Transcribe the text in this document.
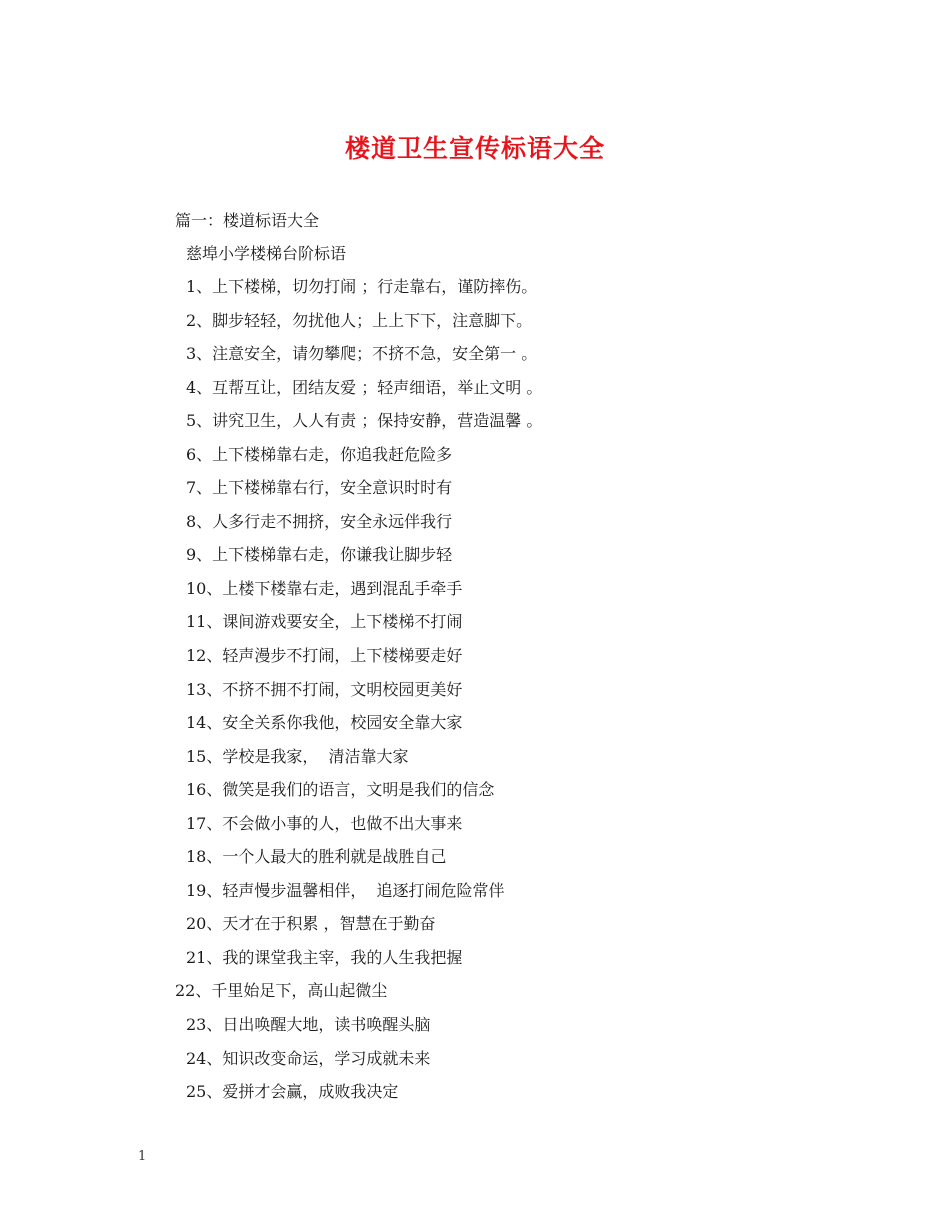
楼道卫生宣传标语大全
篇一：楼道标语大全
慈埠小学楼梯台阶标语
1、上下楼梯，切勿打闹 ；行走靠右，谨防摔伤。
2、脚步轻轻，勿扰他人；上上下下，注意脚下。
3、注意安全，请勿攀爬；不挤不急，安全第一 。
4、互帮互让，团结友爱 ；轻声细语，举止文明 。
5、讲究卫生，人人有责 ；保持安静，营造温馨 。
6、上下楼梯靠右走，你追我赶危险多
7、上下楼梯靠右行，安全意识时时有
8、人多行走不拥挤，安全永远伴我行
9、上下楼梯靠右走，你谦我让脚步轻
10、上楼下楼靠右走，遇到混乱手牵手
11、课间游戏要安全，上下楼梯不打闹
12、轻声漫步不打闹，上下楼梯要走好
13、不挤不拥不打闹，文明校园更美好
14、安全关系你我他，校园安全靠大家
15、学校是我家，  清洁靠大家
16、微笑是我们的语言，文明是我们的信念
17、不会做小事的人，也做不出大事来
18、一个人最大的胜利就是战胜自己
19、轻声慢步温馨相伴，  追逐打闹危险常伴
20、天才在于积累 ，智慧在于勤奋
21、我的课堂我主宰，我的人生我把握
22、千里始足下，高山起微尘
23、日出唤醒大地，读书唤醒头脑
24、知识改变命运，学习成就未来
25、爱拼才会赢，成败我决定
1
